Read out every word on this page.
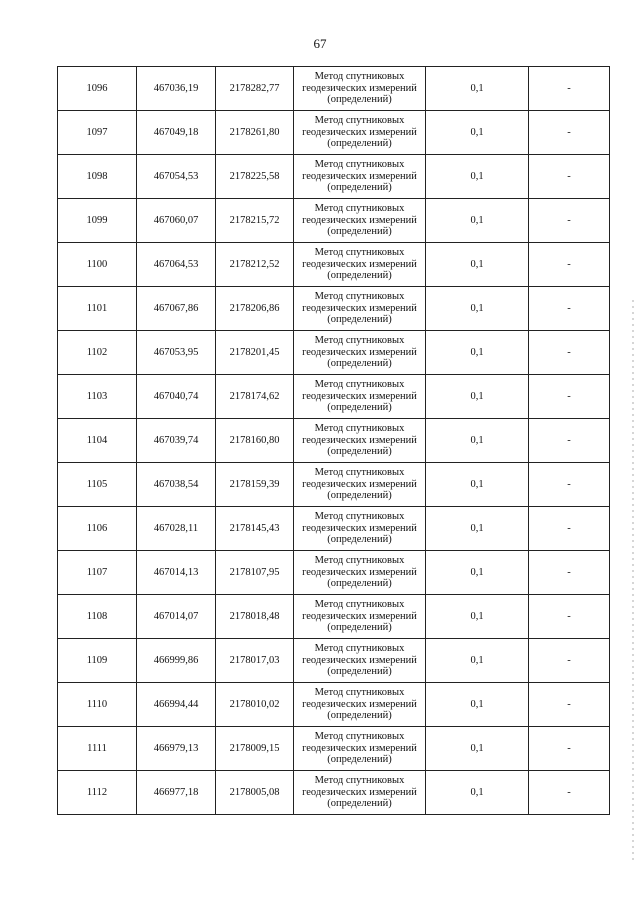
67
1096	467036,19	2178282,77	Метод спутниковых
геодезических измерений
(определений)	0,1	-
1097	467049,18	2178261,80	Метод спутниковых
геодезических измерений
(определений)	0,1	-
1098	467054,53	2178225,58	Метод спутниковых
геодезических измерений
(определений)	0,1	-
1099	467060,07	2178215,72	Метод спутниковых
геодезических измерений
(определений)	0,1	-
1100	467064,53	2178212,52	Метод спутниковых
геодезических измерений
(определений)	0,1	-
1101	467067,86	2178206,86	Метод спутниковых
геодезических измерений
(определений)	0,1	-
1102	467053,95	2178201,45	Метод спутниковых
геодезических измерений
(определений)	0,1	-
1103	467040,74	2178174,62	Метод спутниковых
геодезических измерений
(определений)	0,1	-
1104	467039,74	2178160,80	Метод спутниковых
геодезических измерений
(определений)	0,1	-
1105	467038,54	2178159,39	Метод спутниковых
геодезических измерений
(определений)	0,1	-
1106	467028,11	2178145,43	Метод спутниковых
геодезических измерений
(определений)	0,1	-
1107	467014,13	2178107,95	Метод спутниковых
геодезических измерений
(определений)	0,1	-
1108	467014,07	2178018,48	Метод спутниковых
геодезических измерений
(определений)	0,1	-
1109	466999,86	2178017,03	Метод спутниковых
геодезических измерений
(определений)	0,1	-
1110	466994,44	2178010,02	Метод спутниковых
геодезических измерений
(определений)	0,1	-
1111	466979,13	2178009,15	Метод спутниковых
геодезических измерений
(определений)	0,1	-
1112	466977,18	2178005,08	Метод спутниковых
геодезических измерений
(определений)	0,1	-
